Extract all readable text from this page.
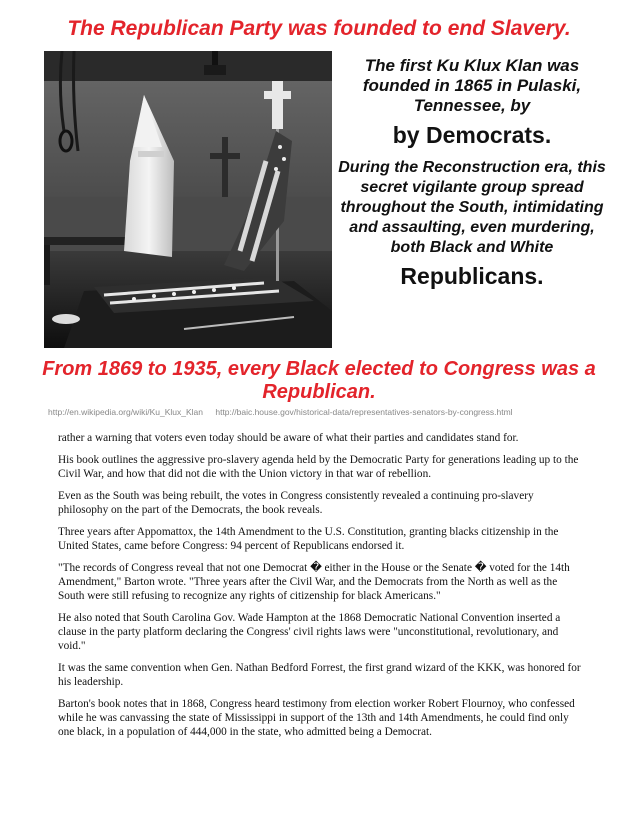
The Republican Party was founded to end Slavery.

The first Ku Klux Klan was founded in 1865 in Pulaski, Tennessee, by

by Democrats.

During the Reconstruction era, this secret vigilante group spread throughout the South, intimidating and assaulting, even murdering, both Black and White

Republicans.

From 1869 to 1935, every Black elected to Congress was a Republican.
http://en.wikipedia.org/wiki/Ku_Klux_Klan http://baic.house.gov/historical-data/representatives-senators-by-congress.html

rather a warning that voters even today should be aware of what their parties and candidates stand for.

His book outlines the aggressive pro-slavery agenda held by the Democratic Party for generations leading up to the Civil War, and how that did not die with the Union victory in that war of rebellion.

Even as the South was being rebuilt, the votes in Congress consistently revealed a continuing pro-slavery philosophy on the part of the Democrats, the book reveals.

Three years after Appomattox, the 14th Amendment to the U.S. Constitution, granting blacks citizenship in the United States, came before Congress: 94 percent of Republicans endorsed it.

"The records of Congress reveal that not one Democrat � either in the House or the Senate � voted for the 14th Amendment," Barton wrote. "Three years after the Civil War, and the Democrats from the North as well as the South were still refusing to recognize any rights of citizenship for black Americans."

He also noted that South Carolina Gov. Wade Hampton at the 1868 Democratic National Convention inserted a clause in the party platform declaring the Congress' civil rights laws were "unconstitutional, revolutionary, and void."

It was the same convention when Gen. Nathan Bedford Forrest, the first grand wizard of the KKK, was honored for his leadership.

Barton's book notes that in 1868, Congress heard testimony from election worker Robert Flournoy, who confessed while he was canvassing the state of Mississippi in support of the 13th and 14th Amendments, he could find only one black, in a population of 444,000 in the state, who admitted being a Democrat.
